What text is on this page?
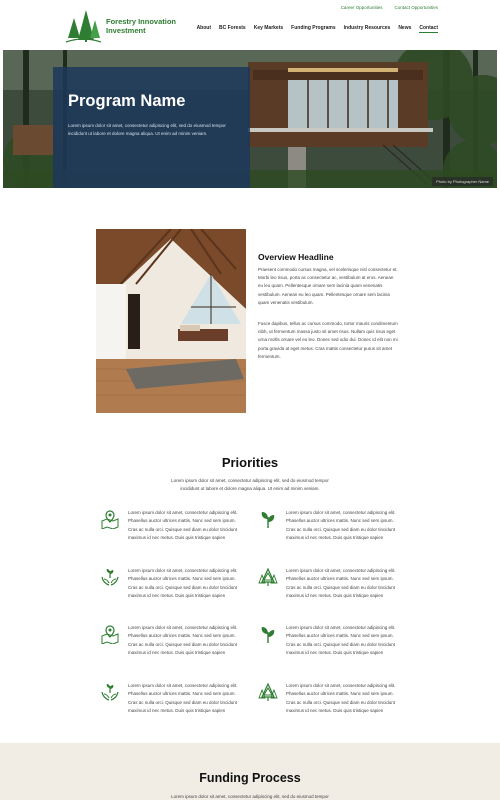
Forestry Innovation Investment
Career Opportunities	Contact Opportunities
About BC Forests Key Markets Funding Programs Industry Resources News Contact
Program Name
Lorem ipsum dolor sit amet, consectetur adipiscing elit, sed do eiusmod tempor incididunt ut labore et dolore magna aliqua. Ut enim ad minim veniam.
Photo by Photographer Name
Overview Headline
Praesent commodo cursus magna, vel scelerisque nisl consectetur et. Morbi leo risus, porta ac consectetur ac, vestibulum at eros. Aenean eu leo quam. Pellentesque ornare sem lacinia quam venenatis vestibulum. Aenean eu leo quam. Pellentesque ornare sem lacinia quam venenatis vestibulum.
Fusce dapibus, tellus ac cursus commodo, tortor mauris condimentum nibh, ut fermentum massa justo sit amet risus. Nullam quis risus eget urna mollis ornare vel eu leo. Donec sed odio dui. Donec id elit non mi porta gravida at eget metus. Cras mattis consectetur purus sit amet fermentum.
Priorities
Lorem ipsum dolor sit amet, consectetur adipiscing elit, sed do eiusmod tempor incididunt ut labore et dolore magna aliqua. Ut enim ad minim veniam.
Lorem ipsum dolor sit amet, consectetur adipiscing elit. Phasellus auctor ultrices mattis. Nunc sed sem ipsum. Cras ac nulla orci. Quisque sed diam eu dolor tincidunt maximus id nec metus. Duis quis tristique sapien
Lorem ipsum dolor sit amet, consectetur adipiscing elit. Phasellus auctor ultrices mattis. Nunc sed sem ipsum. Cras ac nulla orci. Quisque sed diam eu dolor tincidunt maximus id nec metus. Duis quis tristique sapien
Lorem ipsum dolor sit amet, consectetur adipiscing elit. Phasellus auctor ultrices mattis. Nunc sed sem ipsum. Cras ac nulla orci. Quisque sed diam eu dolor tincidunt maximus id nec metus. Duis quis tristique sapien
Lorem ipsum dolor sit amet, consectetur adipiscing elit. Phasellus auctor ultrices mattis. Nunc sed sem ipsum. Cras ac nulla orci. Quisque sed diam eu dolor tincidunt maximus id nec metus. Duis quis tristique sapien
Lorem ipsum dolor sit amet, consectetur adipiscing elit. Phasellus auctor ultrices mattis. Nunc sed sem ipsum. Cras ac nulla orci. Quisque sed diam eu dolor tincidunt maximus id nec metus. Duis quis tristique sapien
Lorem ipsum dolor sit amet, consectetur adipiscing elit. Phasellus auctor ultrices mattis. Nunc sed sem ipsum. Cras ac nulla orci. Quisque sed diam eu dolor tincidunt maximus id nec metus. Duis quis tristique sapien
Lorem ipsum dolor sit amet, consectetur adipiscing elit. Phasellus auctor ultrices mattis. Nunc sed sem ipsum. Cras ac nulla orci. Quisque sed diam eu dolor tincidunt maximus id nec metus. Duis quis tristique sapien
Lorem ipsum dolor sit amet, consectetur adipiscing elit. Phasellus auctor ultrices mattis. Nunc sed sem ipsum. Cras ac nulla orci. Quisque sed diam eu dolor tincidunt maximus id nec metus. Duis quis tristique sapien
Funding Process
Lorem ipsum dolor sit amet, consectetur adipiscing elit, sed do eiusmod tempor
